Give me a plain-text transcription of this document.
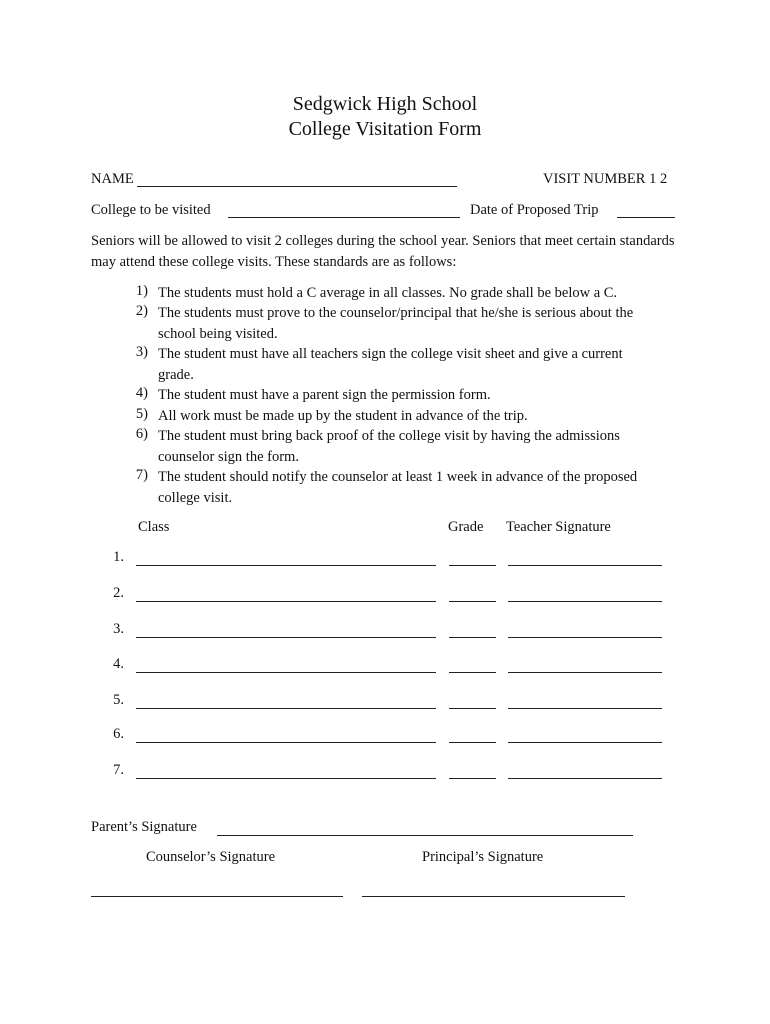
Sedgwick High School
College Visitation Form
NAME	VISIT NUMBER 1 2
College to be visited	Date of Proposed Trip
Seniors will be allowed to visit 2 colleges during the school year. Seniors that meet certain standards may attend these college visits. These standards are as follows:
1) The students must hold a C average in all classes. No grade shall be below a C.
2) The students must prove to the counselor/principal that he/she is serious about the school being visited.
3) The student must have all teachers sign the college visit sheet and give a current grade.
4) The student must have a parent sign the permission form.
5) All work must be made up by the student in advance of the trip.
6) The student must bring back proof of the college visit by having the admissions counselor sign the form.
7) The student should notify the counselor at least 1 week in advance of the proposed college visit.
Class	Grade Teacher Signature
1.
2.
3.
4.
5.
6.
7.
Parent’s Signature
Counselor’s Signature	Principal’s Signature
